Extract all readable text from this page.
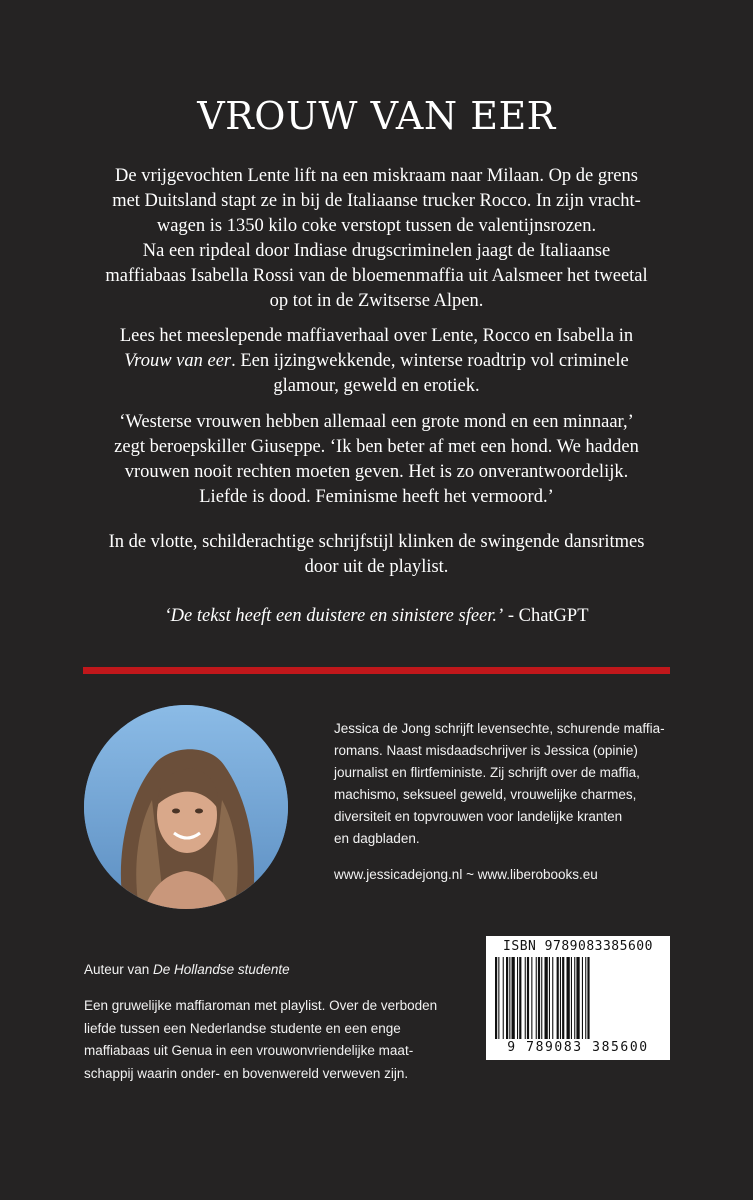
VROUW VAN EER

De vrijgevochten Lente lift na een miskraam naar Milaan. Op de grens
met Duitsland stapt ze in bij de Italiaanse trucker Rocco. In zijn vracht-
wagen is 1350 kilo coke verstopt tussen de valentijnsrozen.
Na een ripdeal door Indiase drugscriminelen jaagt de Italiaanse
maffiabaas Isabella Rossi van de bloemenmaffia uit Aalsmeer het tweetal
op tot in de Zwitserse Alpen.

Lees het meeslepende maffiaverhaal over Lente, Rocco en Isabella in
Vrouw van eer. Een ijzingwekkende, winterse roadtrip vol criminele
glamour, geweld en erotiek.

‘Westerse vrouwen hebben allemaal een grote mond en een minnaar,’
zegt beroepskiller Giuseppe. ‘Ik ben beter af met een hond. We hadden
vrouwen nooit rechten moeten geven. Het is zo onverantwoordelijk.
Liefde is dood. Feminisme heeft het vermoord.’

In de vlotte, schilderachtige schrijfstijl klinken de swingende dansritmes
door uit de playlist.

‘De tekst heeft een duistere en sinistere sfeer.’ - ChatGPT

Jessica de Jong schrijft levensechte, schurende maffia-
romans. Naast misdaadschrijver is Jessica (opinie)
journalist en flirtfeministe. Zij schrijft over de maffia,
machismo, seksueel geweld, vrouwelijke charmes,
diversiteit en topvrouwen voor landelijke kranten
en dagbladen.

www.jessicadejong.nl ~ www.liberobooks.eu
Auteur van De Hollandse studente

Een gruwelijke maffiaroman met playlist. Over de verboden
liefde tussen een Nederlandse studente en een enge
maffiabaas uit Genua in een vrouwonvriendelijke maat-
schappij waarin onder- en bovenwereld verweven zijn.

ISBN 9789083385600
9 789083 385600
